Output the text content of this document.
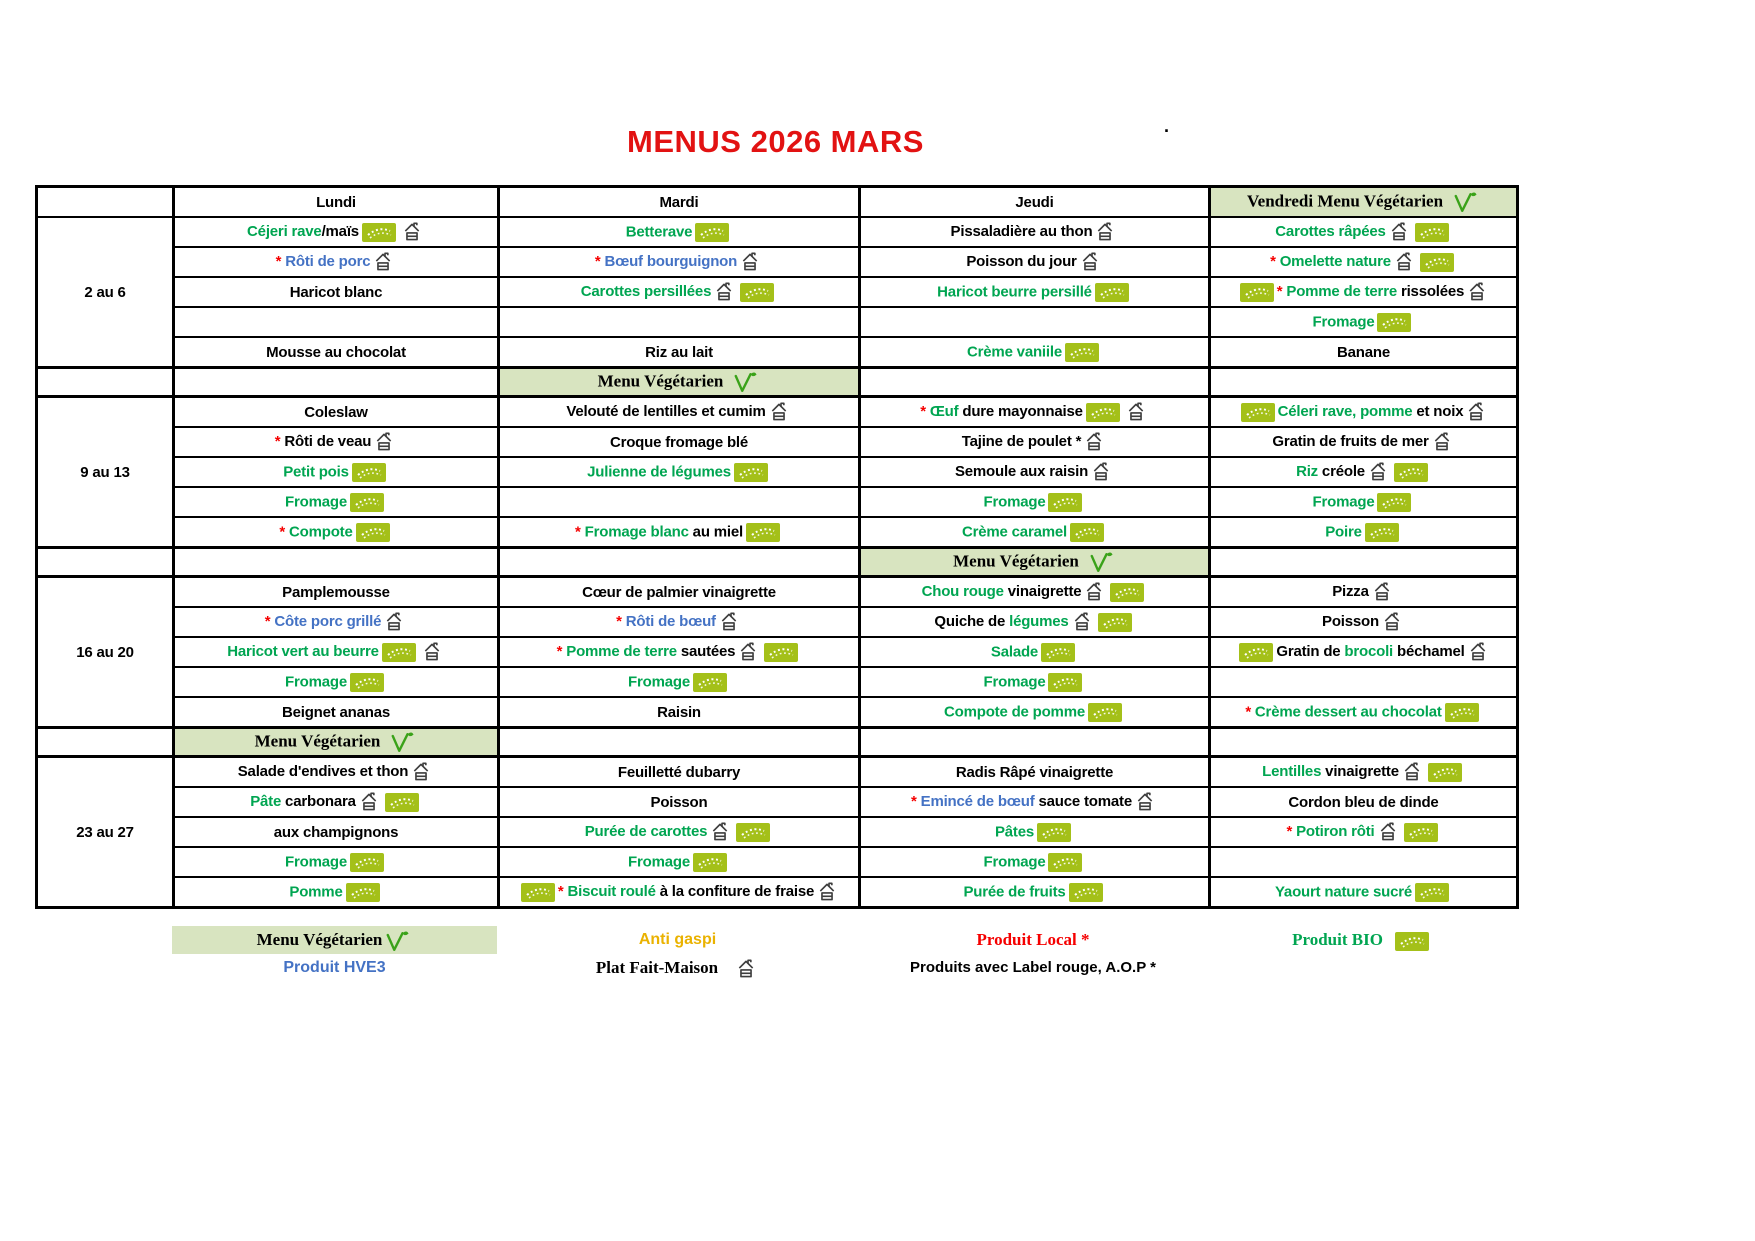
MENUS 2026 MARS	.
	Lundi	Mardi	Jeudi	Vendredi Menu Végétarien
2 au 6	Céjeri rave/maïs	Betterave	Pissaladière au thon	Carottes râpées
	* Rôti de porc	* Bœuf bourguignon	Poisson du jour	* Omelette nature
	Haricot blanc	Carottes persillées	Haricot beurre persillé	* Pomme de terre rissolées
				Fromage
	Mousse au chocolat	Riz au lait	Crème vaniile	Banane
		Menu Végétarien		
9 au 13	Coleslaw	Velouté de lentilles et cumim	* Œuf dure mayonnaise	Céleri rave, pomme et noix
	* Rôti de veau	Croque fromage blé	Tajine de poulet *	Gratin de fruits de mer
	Petit pois	Julienne de légumes	Semoule aux raisin	Riz créole
	Fromage		Fromage	Fromage
	* Compote	* Fromage blanc au miel	Crème caramel	Poire
			Menu Végétarien	
16 au 20	Pamplemousse	Cœur de palmier vinaigrette	Chou rouge vinaigrette	Pizza
	* Côte porc grillé	* Rôti de bœuf	Quiche de légumes	Poisson
	Haricot vert au beurre	* Pomme de terre sautées	Salade	Gratin de brocoli béchamel
	Fromage	Fromage	Fromage	
	Beignet ananas	Raisin	Compote de pomme	* Crème dessert au chocolat
	Menu Végétarien			
23 au 27	Salade d'endives et thon	Feuilletté dubarry	Radis Râpé vinaigrette	Lentilles vinaigrette
	Pâte carbonara	Poisson	* Emincé de bœuf sauce tomate	Cordon bleu de dinde
	aux champignons	Purée de carottes	Pâtes	* Potiron rôti
	Fromage	Fromage	Fromage	
	Pomme	* Biscuit roulé à la confiture de fraise	Purée de fruits	Yaourt nature sucré
Menu Végétarien
Produit HVE3
Anti gaspi
Plat Fait-Maison
Produit Local *
Produits avec Label rouge, A.O.P *
Produit BIO
